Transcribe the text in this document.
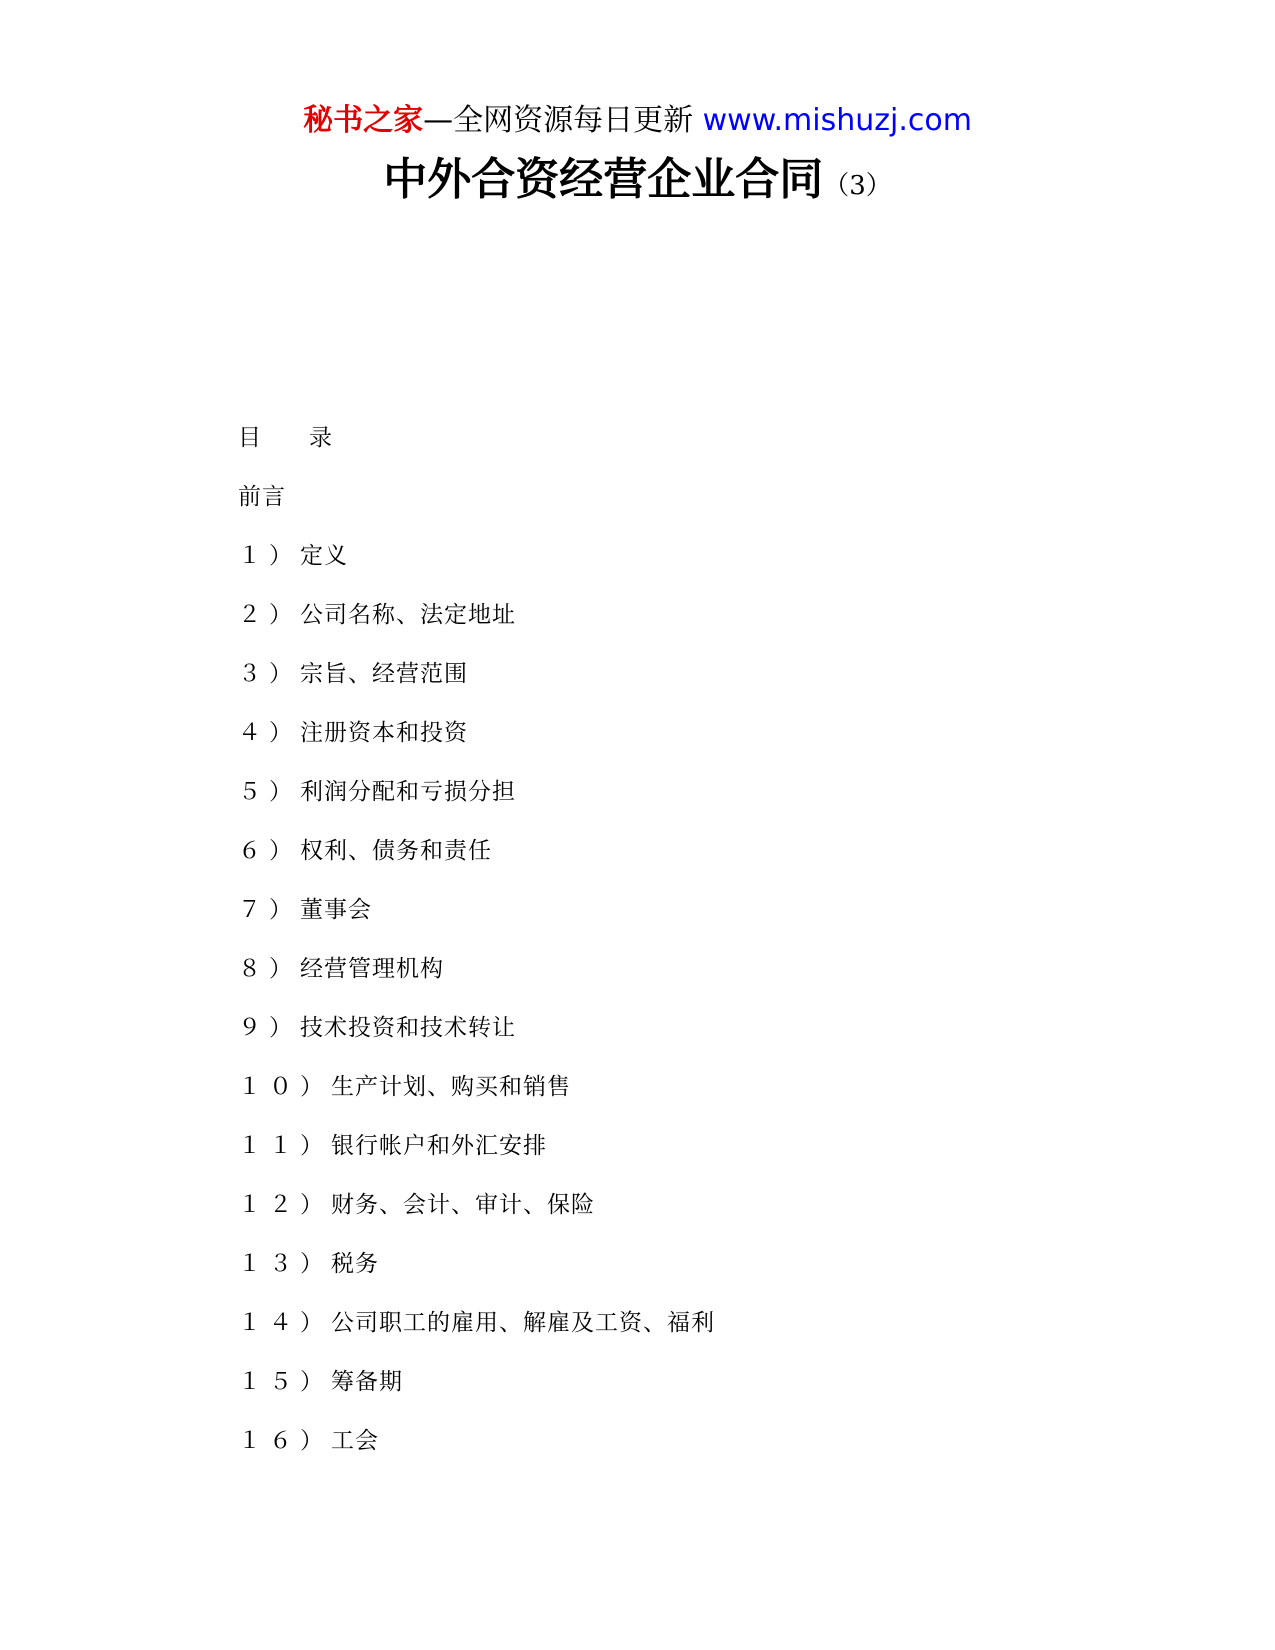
秘书之家—全网资源每日更新 www.mishuzj.com
中外合资经营企业合同（3）
目 录
前言
１）定义
２）公司名称、法定地址
３）宗旨、经营范围
４）注册资本和投资
５）利润分配和亏损分担
６）权利、债务和责任
７）董事会
８）经营管理机构
９）技术投资和技术转让
１０）生产计划、购买和销售
１１）银行帐户和外汇安排
１２）财务、会计、审计、保险
１３）税务
１４）公司职工的雇用、解雇及工资、福利
１５）筹备期
１６）工会
